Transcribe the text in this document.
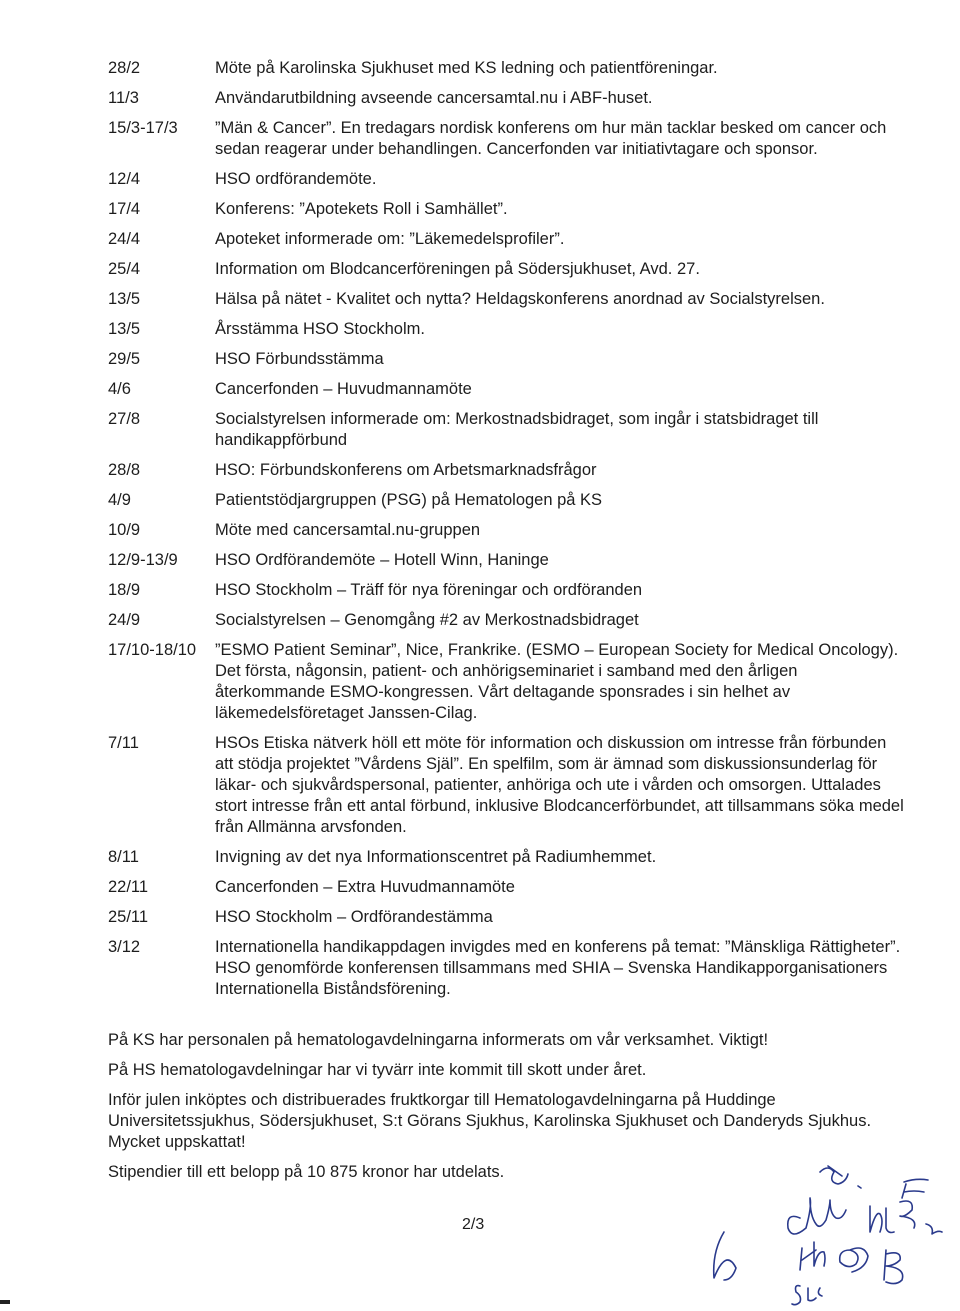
28/2	Möte på Karolinska Sjukhuset med KS ledning och patientföreningar.
11/3	Användarutbildning avseende cancersamtal.nu i ABF-huset.
15/3-17/3	”Män & Cancer”. En tredagars nordisk konferens om hur män tacklar besked om cancer och sedan reagerar under behandlingen. Cancerfonden var initiativtagare och sponsor.
12/4	HSO ordförandemöte.
17/4	Konferens: ”Apotekets Roll i Samhället”.
24/4	Apoteket informerade om: ”Läkemedelsprofiler”.
25/4	Information om Blodcancerföreningen på Södersjukhuset, Avd. 27.
13/5	Hälsa på nätet - Kvalitet och nytta? Heldagskonferens anordnad av Socialstyrelsen.
13/5	Årsstämma HSO Stockholm.
29/5	HSO Förbundsstämma
4/6	Cancerfonden – Huvudmannamöte
27/8	Socialstyrelsen informerade om: Merkostnadsbidraget, som ingår i statsbidraget till handikappförbund
28/8	HSO: Förbundskonferens om Arbetsmarknadsfrågor
4/9	Patientstödjargruppen (PSG) på Hematologen på KS
10/9	Möte med cancersamtal.nu-gruppen
12/9-13/9	HSO Ordförandemöte – Hotell Winn, Haninge
18/9	HSO Stockholm – Träff för nya föreningar och ordföranden
24/9	Socialstyrelsen – Genomgång #2 av Merkostnadsbidraget
17/10-18/10	”ESMO Patient Seminar”, Nice, Frankrike. (ESMO – European Society for Medical Oncology). Det första, någonsin, patient- och anhörigseminariet i samband med den årligen återkommande ESMO-kongressen. Vårt deltagande sponsrades i sin helhet av läkemedelsföretaget Janssen-Cilag.
7/11	HSOs Etiska nätverk höll ett möte för information och diskussion om intresse från förbunden att stödja projektet ”Vårdens Själ”. En spelfilm, som är ämnad som diskussionsunderlag för läkar- och sjukvårdspersonal, patienter, anhöriga och ute i vården och omsorgen. Uttalades stort intresse från ett antal förbund, inklusive Blodcancerförbundet, att tillsammans söka medel från Allmänna arvsfonden.
8/11	Invigning av det nya Informationscentret på Radiumhemmet.
22/11	Cancerfonden – Extra Huvudmannamöte
25/11	HSO Stockholm – Ordförandestämma
3/12	Internationella handikappdagen invigdes med en konferens på temat: ”Mänskliga Rättigheter”. HSO genomförde konferensen tillsammans med SHIA – Svenska Handikapporganisationers Internationella Biståndsförening.

På KS har personalen på hematologavdelningarna informerats om vår verksamhet. Viktigt!

På HS hematologavdelningar har vi tyvärr inte kommit till skott under året.

Inför julen inköptes och distribuerades fruktkorgar till Hematologavdelningarna på Huddinge Universitetssjukhus, Södersjukhuset, S:t Görans Sjukhus, Karolinska Sjukhuset och Danderyds Sjukhus. Mycket uppskattat!

Stipendier till ett belopp på 10 875 kronor har utdelats.

2/3
